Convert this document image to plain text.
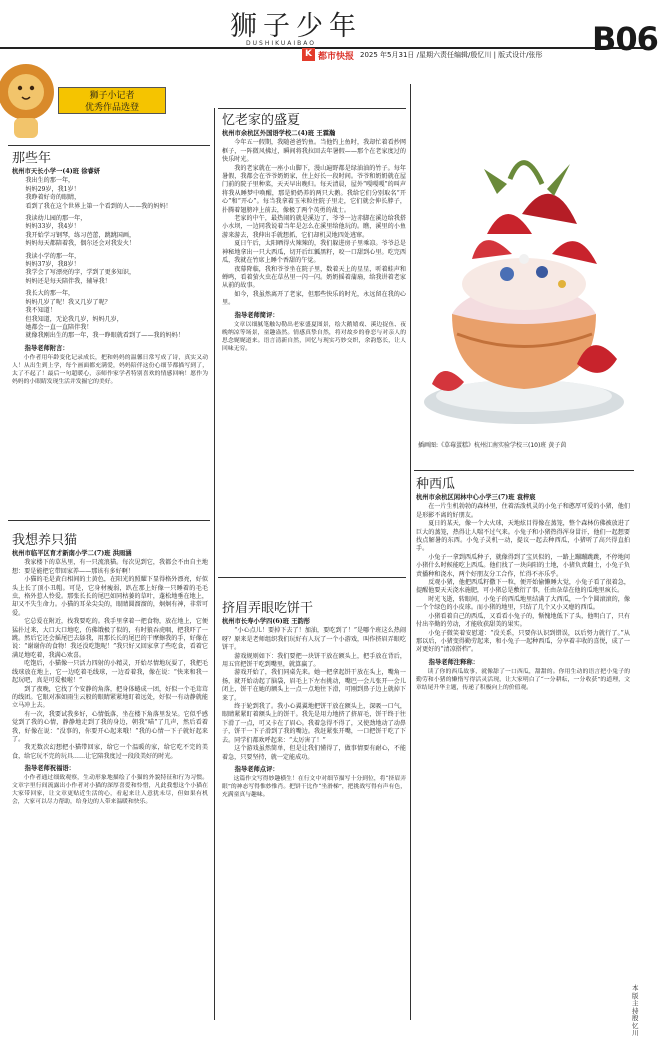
狮子少年
DUSHIKUAIBAO
K 都市快报 2025 年5月31日 /星期六 责任编辑/殷忆川 | 版式设计/张彤 B06
狮子小记者
优秀作品选登
那些年
杭州市天长小学一(4)班 徐睿妍

我出生的那一年，

妈妈29岁，我1岁！

我睁着好奇的眼睛，

看到了我在这个世界上第一个看到的人——我的妈妈！

我读幼儿园的那一年，

妈妈33岁，我4岁！

我开始学习钢琴，练习芭蕾，跳跳国画，

妈妈每天都陪着我，偶尔还会对我发火！

我读小学的那一年，

妈妈37岁，我8岁！

我学会了写漂亮的字，学到了更多知识，

妈妈还是每天陪伴我，辅导我！

我长大的那一年，

妈妈几岁了呢！我又几岁了呢？

我不知道！

但我知道，无论我几岁，妈妈几岁，

她都会一直一直陪伴我！

就像我刚出生的那一年，我一睁眼就看到了——我的妈妈！

指导老师附言：

小作者用年龄变化记录成长，把和妈妈的温馨日常写成了诗，真实又动人！从出生到上学，每个画面都充满爱，妈妈陪伴这份心细节都描写到了，太了不起了！最后一句超暖心，亲师作家学者特别喜欢的情感回响！愿作为妈妈的小眼睛发现生活并发掘它的美好。

我想养只猫
杭州市临平区育才新南小学二(7)班 洪雨涵

我家楼下的草丛里，有一只流浪猫。每次见到它，我都会不由自主地想：要是能把它带回家养——那该有多好啊！

小猫的毛是黄白相间的土黄色，在阳光的照耀下显得格外漂亮，好似头上长了顶小丑帽。可是，它身材瘦弱，趴在那上好像一只睡着的毛毛虫，格外惹人怜爱。那张长长的尾巴如同枯萎的草叶，蓬松地垂在地上，却又不失生命力。小猫的耳朵尖尖的，眼睛圆溜溜的，炯炯有神，非常可爱。

它总爱在附近，找我要吃的。我手里拿着一把食物，放在地上，它便猛扑过来，大口大口地吃，仿佛饿极了似的，有时狼吞虎咽，把我吓了一跳。然后它还会摇尾巴去舔我，用那长长的尾巴的干摩擦我的手，好像在说：“谢谢你的食物！我还没吃饱呢！”我只好又回家拿了些吃食，看着它满足地吃着，我满心欢喜。

吃饱后，小猫像一只活力四射的小精灵，开始尽情地玩耍了，我把毛线球放在地上，它一边吃着毛线球，一边看着我，像在说：“快来和我一起玩吧，真是可爱极啦！”

到了夜晚，它找了个安静的角落，把身体蜷成一团，好似一个毛茸茸的线团。它眼对准如雨生云般的眼睛紧紧地盯着远处，好似一有动静就能立马冲上去。

有一次，我要试我多好，心情低落，坐在楼下角落里发呆。它似乎感觉到了我的心情，静静地走到了我的身边，朝我“喵”了几声，然后看着我，好像在说：“没事的，你要开心起来哦！”我的心情一下子就好起来了。

我无数次幻想把小猫带回家，给它一个温暖的家，给它吃不完的美食，给它玩不完的玩具……让它陪我度过一段段美好的时光。

指导老师祝福语：

小作者通过细致观察，生动形象地描绘了小猫的外貌特征和行为习惯。文章字里行间流露出小作者对小猫的深厚喜爱和怜惜，凡此我想这个小猫在大家带回家，让文章更贴近生活的心，看起来让人意犹未尽，但如果有机会，大家可以尽力帮助，给身边的人带来温暖和快乐。

忆老家的盛夏
杭州市余杭区外国语学校二(4)班 王霖瀚

今年五一假期，我随爸爸钓鱼。当他钓上鱼时，我却忙着看抄网框子，一阵微风拂过，瞬间将我拉回去年暑假——那个在老家度过的快乐时光。

我的老家就在一座小山脚下，漫山遍野都是绿油油的竹子。每年暑假，我都会在爷爷奶奶家，住上好长一段时间。爷爷和奶奶就在屋门前的院子里种菜，天天早出晚归。每天清晨，屋外“嘎嘎嘎”的叫声将我从睡梦中唤醒，那是奶奶养的两只大鹅。我给它们分别取名“开心”和“开心”。每当我拿着玉米粒往院子里走，它们就会伸长脖子，扑腾着翅膀冲上前去，像极了两个英勇的战士。

老家的中午，最热闹的就是溪边了，爷爷一边赤脚在溪边给我搭小水坝，一边同我说着当年是怎么在溪里给他玩的。瞧，溪里的小鱼游来游去，我伸出手就想抓，它们却机灵地四处逃窜。

夏日午后，太阳晒得火辣辣的，我们躲进房子里乘凉。爷爷总是神秘地拿出一只大西瓜，切开后红瓤黑籽，咬一口甜到心里。吃完西瓜，我就在竹席上睡个香甜的午觉。

夜幕降临，我和爷爷坐在院子里，数着天上的星星，听着蛙声和蝉鸣，看着萤火虫在草丛里一闪一闪。奶奶摇着蒲扇，给我讲着老家从前的故事。

如今，我虽然离开了老家，但那些快乐的时光，永远留在我的心里。

指导老师简评：

文章以细腻笔触勾勒出老家盛夏图景，绘大鹅嬉戏、溪边捉鱼、夜晚纳凉等场景，童趣盎然。情感真挚自然，将对故乡的眷恋与对亲人的思念娓娓道来。语言清新自然，回忆与现实巧妙交织，余韵悠长，让人回味无穷。

挤眉弄眼吃饼干
杭州市长寿小学四(6)班 王韵彤

“小心点儿！要掉下去了！加油，要吃到了！”是哪个班这么热闹呀？原来是老师组织我们玩好有人玩了一个小游戏，叫作挤眉弄眼吃饼干。

游戏规则如下：我们要把一块饼干放在额头上，把手放在背后，用五官把饼干吃到嘴里，就算赢了。

游戏开始了，我们同桌先来。她一把拿起饼干放在头上，嘴角一扬，就开始动起了脑袋，眉毛上下左右挑动，嘴巴一会儿张开一会儿闭上，饼干在她的额头上一点一点地往下滑，可刚到鼻子边上就掉下来了。

终于轮到我了。我小心翼翼地把饼干放在额头上，深吸一口气，眼睛紧紧盯着额头上的饼干。我先是用力地挤了挤眉毛，饼干终于往下滑了一点，可又卡在了眉心。我着急得不得了，又使劲地动了动鼻子，饼干一下子滑到了我的嘴边。我赶紧张开嘴，一口把饼干吃了下去。同学们都欢呼起来：“太厉害了！”

这个游戏虽然简单，但是让我们懂得了，做事情要有耐心，不能着急，只要坚持，就一定能成功。

指导老师点评：

这篇作文写得妙趣横生！在行文中对细节描写十分到位，将“挤眉弄眼”的神态写得惟妙惟肖。把饼干比作“坐滑梯”，把挑战写得有声有色，充满童真与趣味。

插画图:《草莓蛋糕》杭州江南实验学校三(10)班 黄子茵
种西瓜
杭州市余杭区闲林中心小学三(7)班 袁梓宸

在一片生机勃勃的森林里，住着活泼机灵的小兔子和憨厚可爱的小猪，他们是形影不离的好朋友。

夏日的某天，像一个大火球，天地炫目得像在蒸笼，整个森林仿佛被放进了巨大的蒸笼，热得让人喘不过气来。小兔子和小猪热得浑身冒汗，他们一起想要找点解暑的东西。小兔子灵机一动，提议一起去种西瓜，小猪听了高兴得直拍手。

小兔子一拿到西瓜种子，就像得到了宝贝似的，一路上蹦蹦跳跳，不停地问小猪什么时候能吃上西瓜。他们找了一块向阳的土地，小猪负责翻土，小兔子负责播种和浇水，两个好朋友分工合作，忙得不亦乐乎。

反观小猪，他把西瓜籽撒下一粒，便开始偷懒睡大觉，小兔子看了很着急，提醒他要天天浇水施肥，可小猪总是敷衍了事，任由杂草在他的瓜地里疯长。

时光飞逝，转眼间，小兔子的西瓜地里结满了大西瓜，一个个圆滚滚的，像一个个绿色的小皮球。而小猪的地里，只结了几个又小又瘪的西瓜。

小猪看着自己的西瓜，又看看小兔子的，惭愧地低下了头，他明白了，只有付出辛勤的劳动，才能收获甜美的果实。

小兔子微笑着安慰道：“没关系，只要你认识到错误，以后努力就行了。”从那以后，小猪变得勤劳起来，和小兔子一起种西瓜，分享着丰收的喜悦，成了一对更好的“清凉搭档”。

指导老师注释称：

读了你的西瓜故事，就像舔了一口西瓜，甜甜的。你用生动的语言把小兔子的勤劳和小猪的懒惰写得活灵活现，让大家明白了“一分耕耘，一分收获”的道理，文章结尾升华主题，传递了积极向上的价值观。

本版主持 殷忆川
